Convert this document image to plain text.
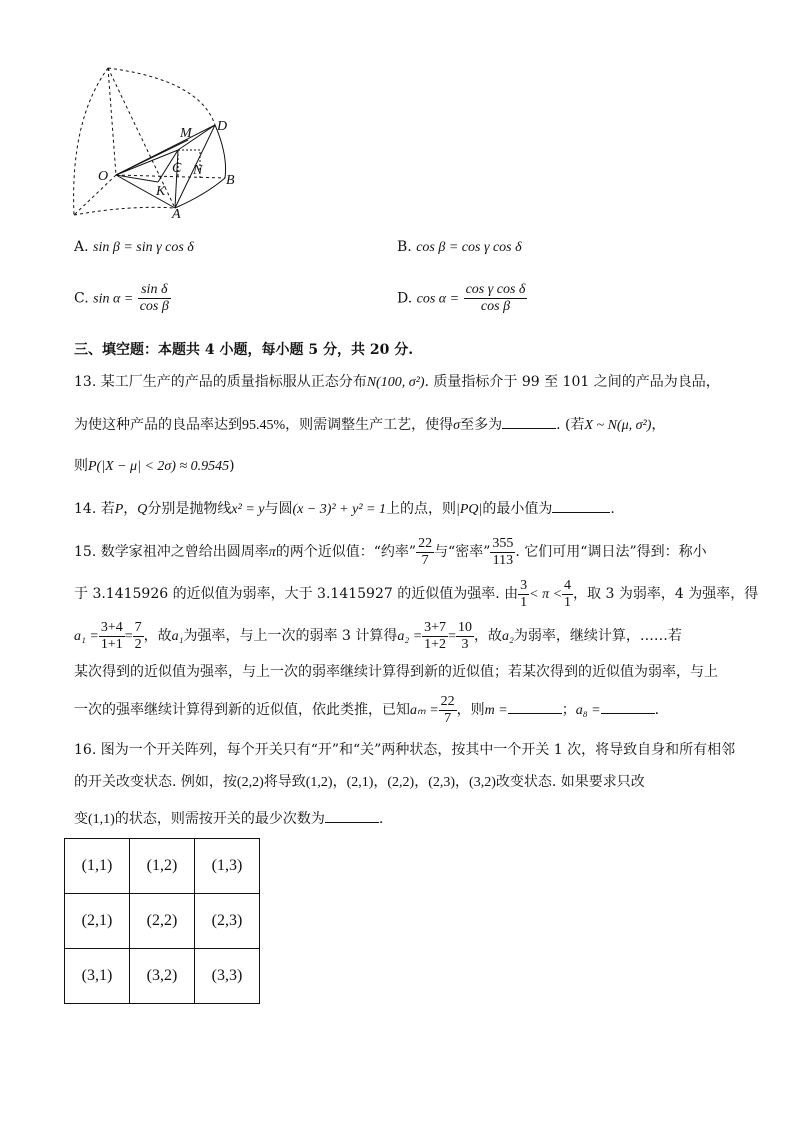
O
M D
C N
B
K
A
A. sin β = sin γ cos δ	B. cos β = cos γ cos δ
C. $\sin \alpha = \frac{\text{sin δ}}{\text{cos β}}$	D. $\cos \alpha = \frac{\text{cos γ cos δ}}{\text{cos β}}$
三、填空题：本题共 4 小题，每小题 5 分，共 20 分.
13. 某工厂生产的产品的质量指标服从正态分布N(100, σ²). 质量指标介于 99 至 101 之间的产品为良品，
为使这种产品的良品率达到95.45%，则需调整生产工艺，使得σ至多为	. (若X ~ N(μ, σ²)，
则P(|X − μ| < 2σ) ≈ 0.9545)
14. 若P，Q分别是抛物线x² = y与圆(x − 3)² + y² = 1上的点，则|PQ|的最小值为	.
15. 数学家祖冲之曾给出圆周率π的两个近似值：“约率” $\frac{22}{7}$ 与“密率” $\frac{355}{113}$ . 它们可用“调日法”得到：称小
于 3.1415926 的近似值为弱率，大于 3.1415927 的近似值为强率. 由 $\frac{3}{1} < \pi < \frac{4}{1}$ ，取 3 为弱率，4 为强率，得
$a_1 = \frac{3+4}{1+1} = \frac{7}{2}$ ，故a₁为强率，与上一次的弱率 3 计算得$a_2 = \frac{3+7}{1+2} = \frac{10}{3}$ ，故a₂为弱率，继续计算，……若
某次得到的近似值为强率，与上一次的弱率继续计算得到新的近似值；若某次得到的近似值为弱率，与上
一次的强率继续计算得到新的近似值，依此类推，已知$a_m = \frac{22}{7}$ ，则m =	；a₈ =	.
16. 图为一个开关阵列，每个开关只有“开”和“关”两种状态，按其中一个开关 1 次，将导致自身和所有相邻
的开关改变状态. 例如，按(2,2)将导致(1,2)，(2,1)，(2,2)，(2,3)，(3,2)改变状态. 如果要求只改
变(1,1)的状态，则需按开关的最少次数为	.
(1,1)	(1,2)	(1,3)
(2,1)	(2,2)	(2,3)
(3,1)	(3,2)	(3,3)
